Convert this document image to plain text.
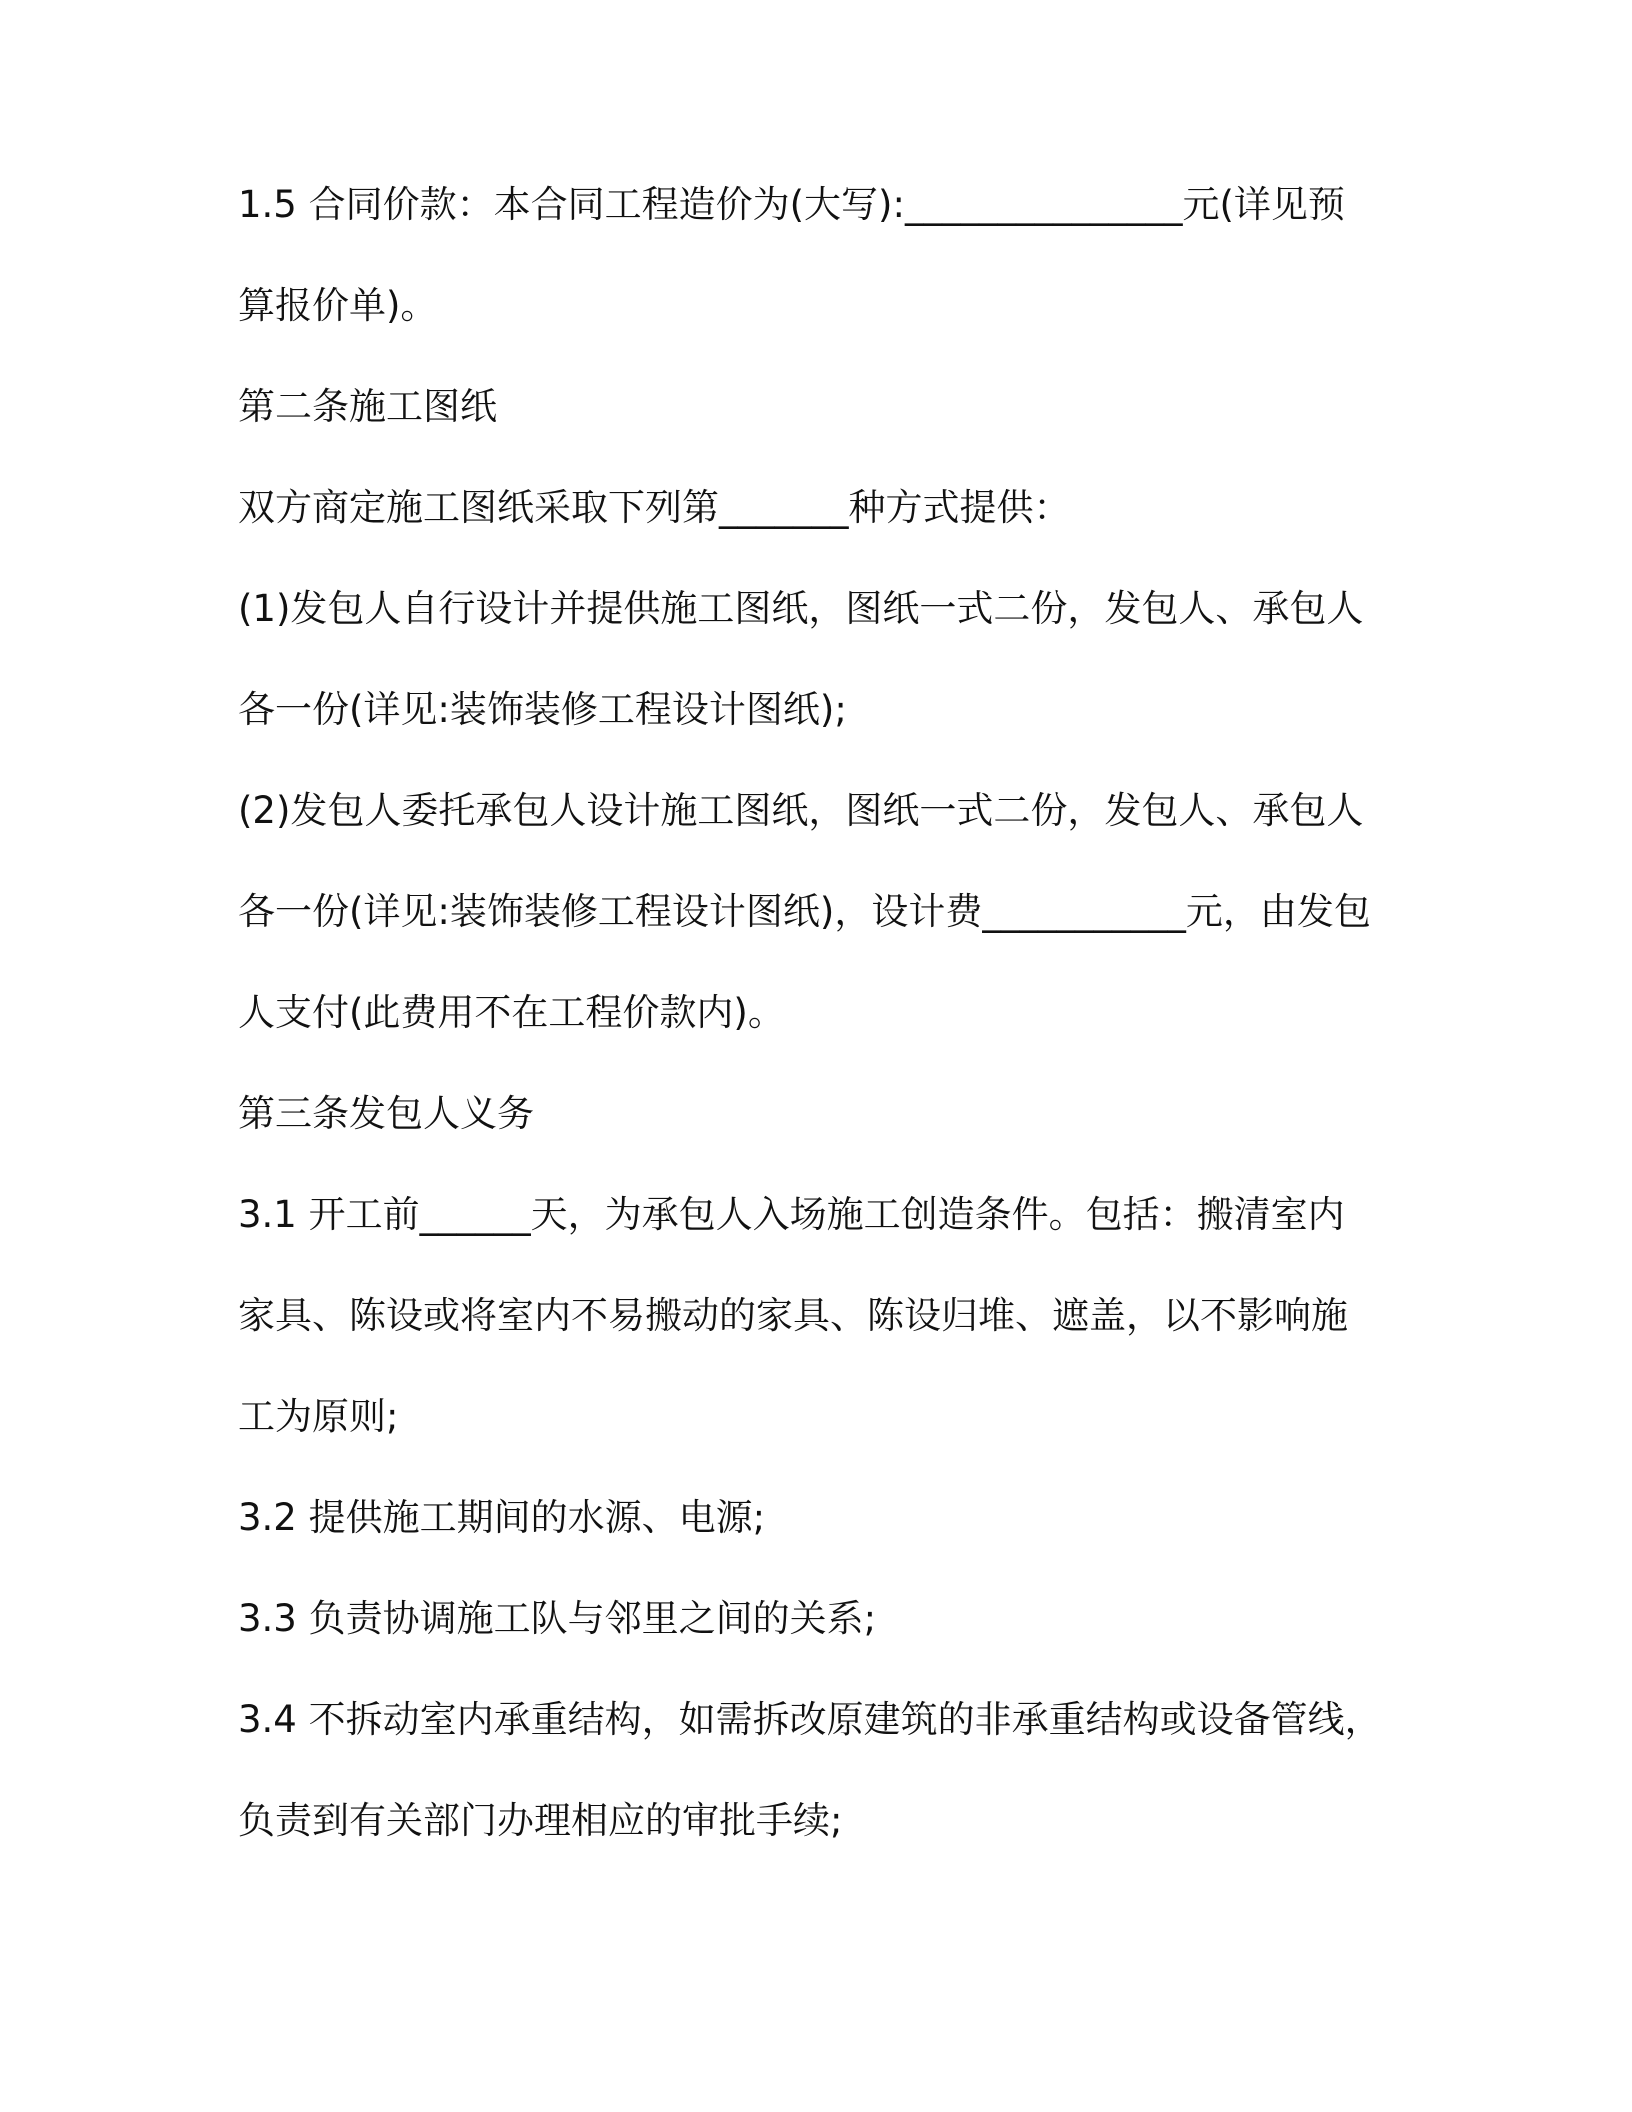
1.5 合同价款：本合同工程造价为(大写):_______________元(详见预
算报价单)。
第二条施工图纸
双方商定施工图纸采取下列第_______种方式提供：
(1)发包人自行设计并提供施工图纸，图纸一式二份，发包人、承包人
各一份(详见:装饰装修工程设计图纸);
(2)发包人委托承包人设计施工图纸，图纸一式二份，发包人、承包人
各一份(详见:装饰装修工程设计图纸)，设计费___________元，由发包
人支付(此费用不在工程价款内)。
第三条发包人义务
3.1 开工前______天，为承包人入场施工创造条件。包括：搬清室内
家具、陈设或将室内不易搬动的家具、陈设归堆、遮盖，以不影响施
工为原则;
3.2 提供施工期间的水源、电源;
3.3 负责协调施工队与邻里之间的关系;
3.4 不拆动室内承重结构，如需拆改原建筑的非承重结构或设备管线，
负责到有关部门办理相应的审批手续;
